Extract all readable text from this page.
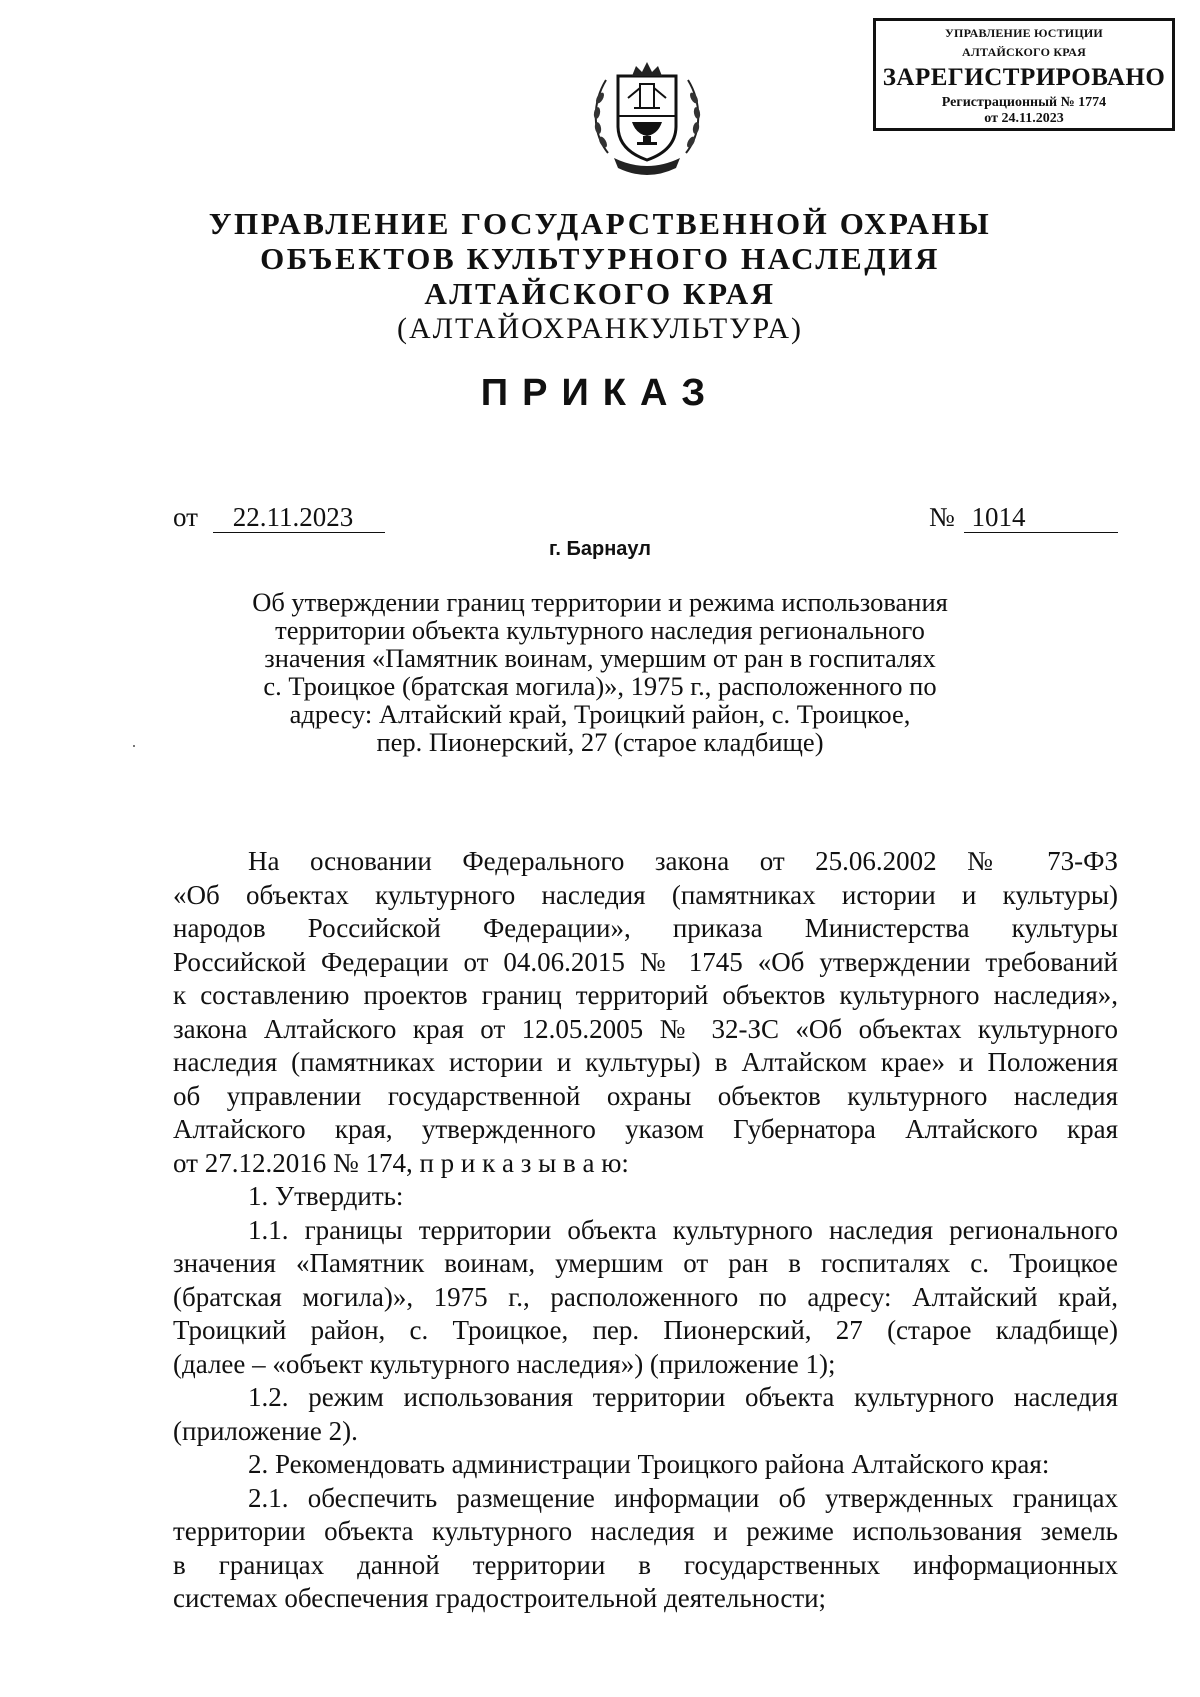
УПРАВЛЕНИЕ ЮСТИЦИИ
АЛТАЙСКОГО КРАЯ
ЗАРЕГИСТРИРОВАНО
Регистрационный № 1774
от 24.11.2023
УПРАВЛЕНИЕ ГОСУДАРСТВЕННОЙ ОХРАНЫ
ОБЪЕКТОВ КУЛЬТУРНОГО НАСЛЕДИЯ
АЛТАЙСКОГО КРАЯ
(АЛТАЙОХРАНКУЛЬТУРА)
ПРИКАЗ
от 22.11.2023	№ 1014
г. Барнаул
Об утверждении границ территории и режима использования
территории объекта культурного наследия регионального
значения «Памятник воинам, умершим от ран в госпиталях
с. Троицкое (братская могила)», 1975 г., расположенного по
адресу: Алтайский край, Троицкий район, с. Троицкое,
пер. Пионерский, 27 (старое кладбище)

На основании Федерального закона от 25.06.2002 № 73-ФЗ

«Об объектах культурного наследия (памятниках истории и культуры)

народов Российской Федерации», приказа Министерства культуры

Российской Федерации от 04.06.2015 № 1745 «Об утверждении требований

к составлению проектов границ территорий объектов культурного наследия»,

закона Алтайского края от 12.05.2005 № 32-ЗС «Об объектах культурного

наследия (памятниках истории и культуры) в Алтайском крае» и Положения

об управлении государственной охраны объектов культурного наследия

Алтайского края, утвержденного указом Губернатора Алтайского края

от 27.12.2016 № 174, п р и к а з ы в а ю:

1. Утвердить:

1.1. границы территории объекта культурного наследия регионального

значения «Памятник воинам, умершим от ран в госпиталях с. Троицкое

(братская могила)», 1975 г., расположенного по адресу: Алтайский край,

Троицкий район, с. Троицкое, пер. Пионерский, 27 (старое кладбище)

(далее – «объект культурного наследия») (приложение 1);

1.2. режим использования территории объекта культурного наследия

(приложение 2).

2. Рекомендовать администрации Троицкого района Алтайского края:

2.1. обеспечить размещение информации об утвержденных границах

территории объекта культурного наследия и режиме использования земель

в границах данной территории в государственных информационных

системах обеспечения градостроительной деятельности;
